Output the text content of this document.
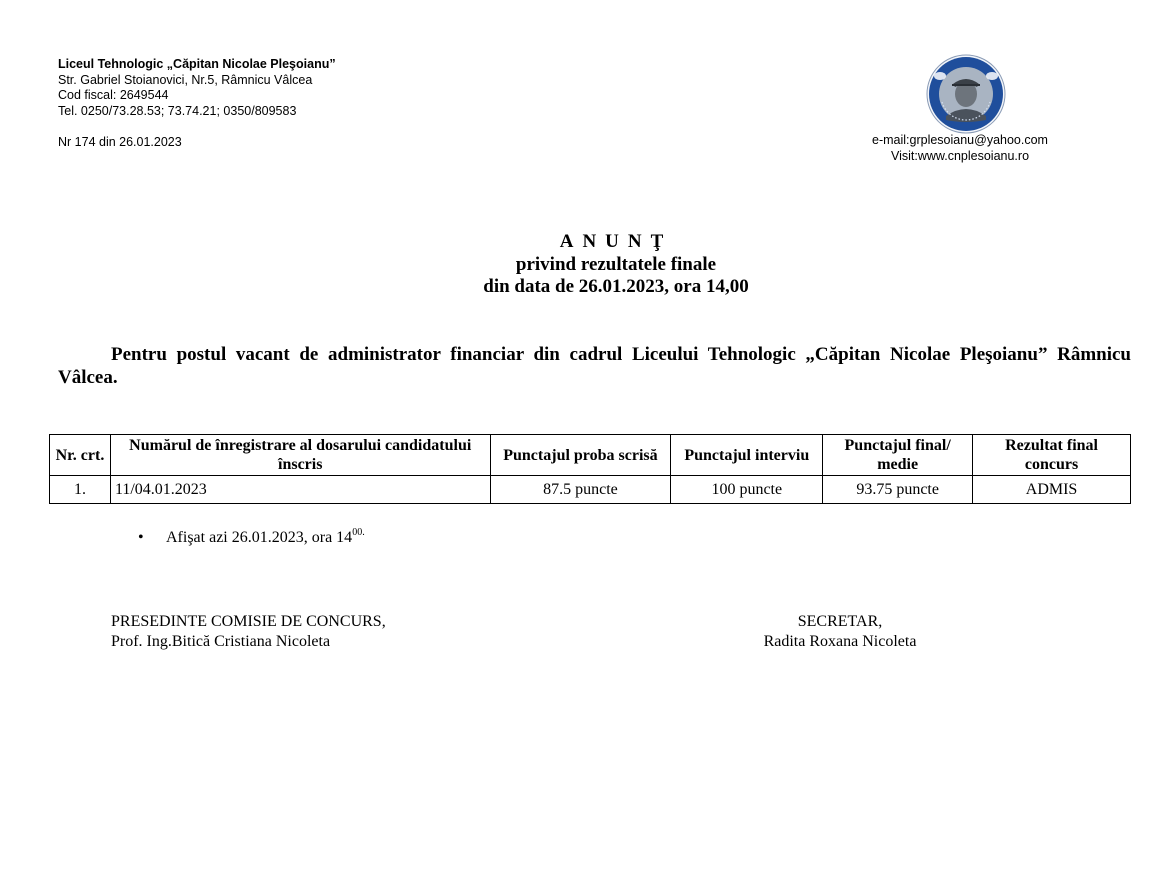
Liceul Tehnologic „Căpitan Nicolae Pleşoianu”
Str. Gabriel Stoianovici, Nr.5, Râmnicu Vâlcea
Cod fiscal: 2649544
Tel. 0250/73.28.53; 73.74.21; 0350/809583
Nr 174 din 26.01.2023	e-mail:grplesoianu@yahoo.com
Visit:www.cnplesoianu.ro
ANUNŢ
privind rezultatele finale
din data de 26.01.2023, ora 14,00
Pentru postul vacant de administrator financiar din cadrul Liceului Tehnologic „Căpitan Nicolae Pleşoianu” Râmnicu Vâlcea.
Nr. crt.	Numărul de înregistrare al dosarului candidatului înscris	Punctajul proba scrisă	Punctajul interviu	Punctajul final/ medie	Rezultat final concurs
1.	11/04.01.2023	87.5 puncte	100 puncte	93.75 puncte	ADMIS
• Afişat azi 26.01.2023, ora $14^{00.}$
PRESEDINTE COMISIE DE CONCURS,
Prof. Ing.Bitică Cristiana Nicoleta
SECRETAR,
Radita Roxana Nicoleta
